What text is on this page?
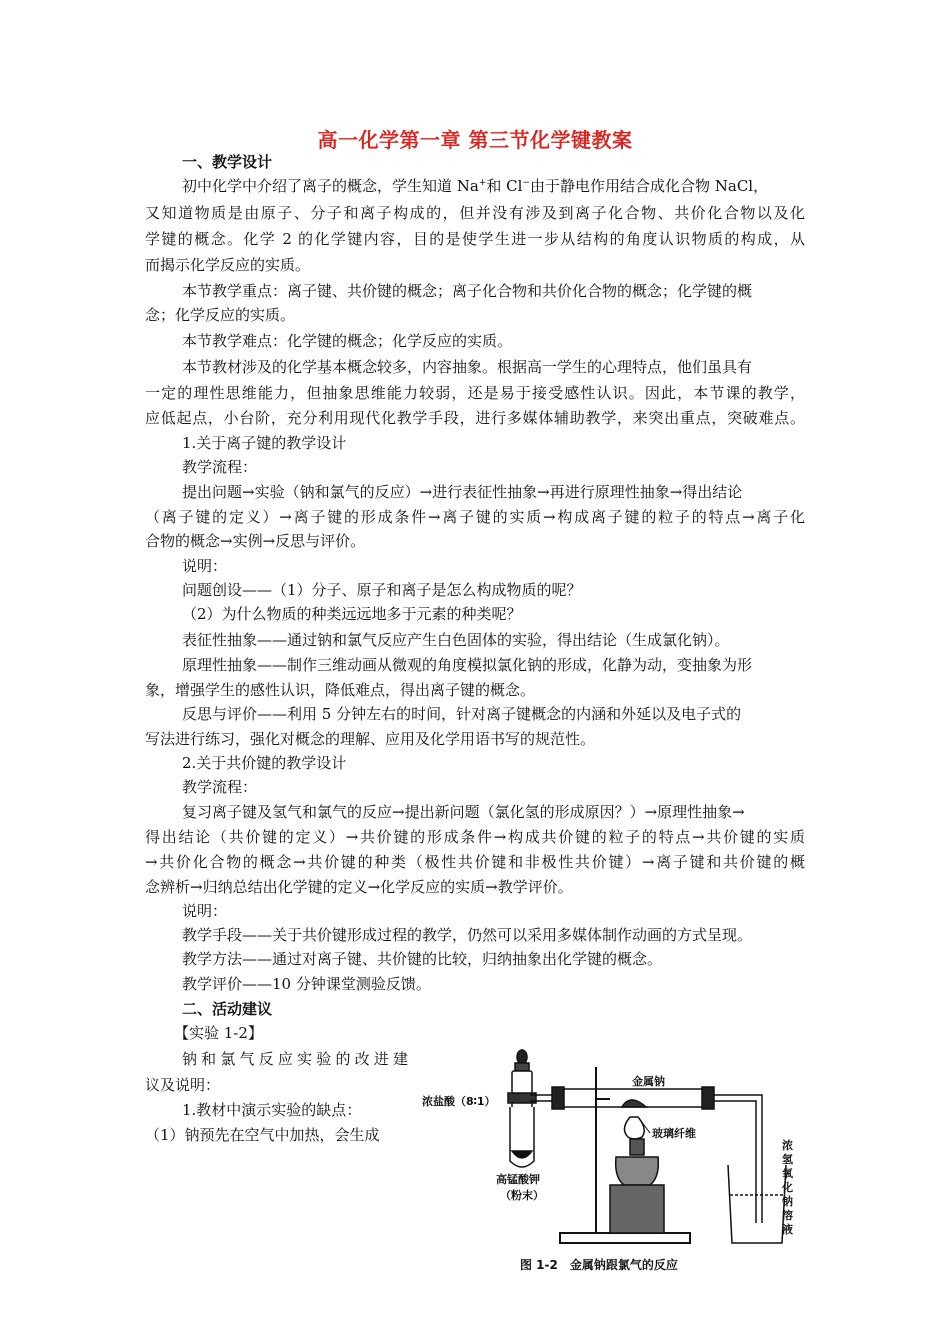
高一化学第一章 第三节化学键教案
一、教学设计
初中化学中介绍了离子的概念，学生知道 Na+和 Cl−由于静电作用结合成化合物 NaCl，
又知道物质是由原子、分子和离子构成的，但并没有涉及到离子化合物、共价化合物以及化
学键的概念。化学 2 的化学键内容，目的是使学生进一步从结构的角度认识物质的构成，从
而揭示化学反应的实质。
本节教学重点：离子键、共价键的概念；离子化合物和共价化合物的概念；化学键的概
念；化学反应的实质。
本节教学难点：化学键的概念；化学反应的实质。
本节教材涉及的化学基本概念较多，内容抽象。根据高一学生的心理特点，他们虽具有
一定的理性思维能力，但抽象思维能力较弱，还是易于接受感性认识。因此，本节课的教学，
应低起点，小台阶，充分利用现代化教学手段，进行多媒体辅助教学，来突出重点，突破难点。
1.关于离子键的教学设计
教学流程：
提出问题→实验（钠和氯气的反应）→进行表征性抽象→再进行原理性抽象→得出结论
（离子键的定义）→离子键的形成条件→离子键的实质→构成离子键的粒子的特点→离子化
合物的概念→实例→反思与评价。
说明：
问题创设——（1）分子、原子和离子是怎么构成物质的呢？
（2）为什么物质的种类远远地多于元素的种类呢？
表征性抽象——通过钠和氯气反应产生白色固体的实验，得出结论（生成氯化钠）。
原理性抽象——制作三维动画从微观的角度模拟氯化钠的形成，化静为动，变抽象为形
象，增强学生的感性认识，降低难点，得出离子键的概念。
反思与评价——利用 5 分钟左右的时间，针对离子键概念的内涵和外延以及电子式的
写法进行练习，强化对概念的理解、应用及化学用语书写的规范性。
2.关于共价键的教学设计
教学流程：
复习离子键及氢气和氯气的反应→提出新问题（氯化氢的形成原因？）→原理性抽象→
得出结论（共价键的定义）→共价键的形成条件→构成共价键的粒子的特点→共价键的实质
→共价化合物的概念→共价键的种类（极性共价键和非极性共价键）→离子键和共价键的概
念辨析→归纳总结出化学键的定义→化学反应的实质→教学评价。
说明：
教学手段——关于共价键形成过程的教学，仍然可以采用多媒体制作动画的方式呈现。
教学方法——通过对离子键、共价键的比较，归纳抽象出化学键的概念。
教学评价——10 分钟课堂测验反馈。
二、活动建议
【实验 1-2】
钠和氯气反应实验的改进建
议及说明：
1.教材中演示实验的缺点：
（1）钠预先在空气中加热，会生成
浓盐酸（8∶1）
金属钠
玻璃纤维
高锰酸钾
（粉末）
浓
氢
氧
化
钠
溶
液
图 1-2　金属钠跟氯气的反应
